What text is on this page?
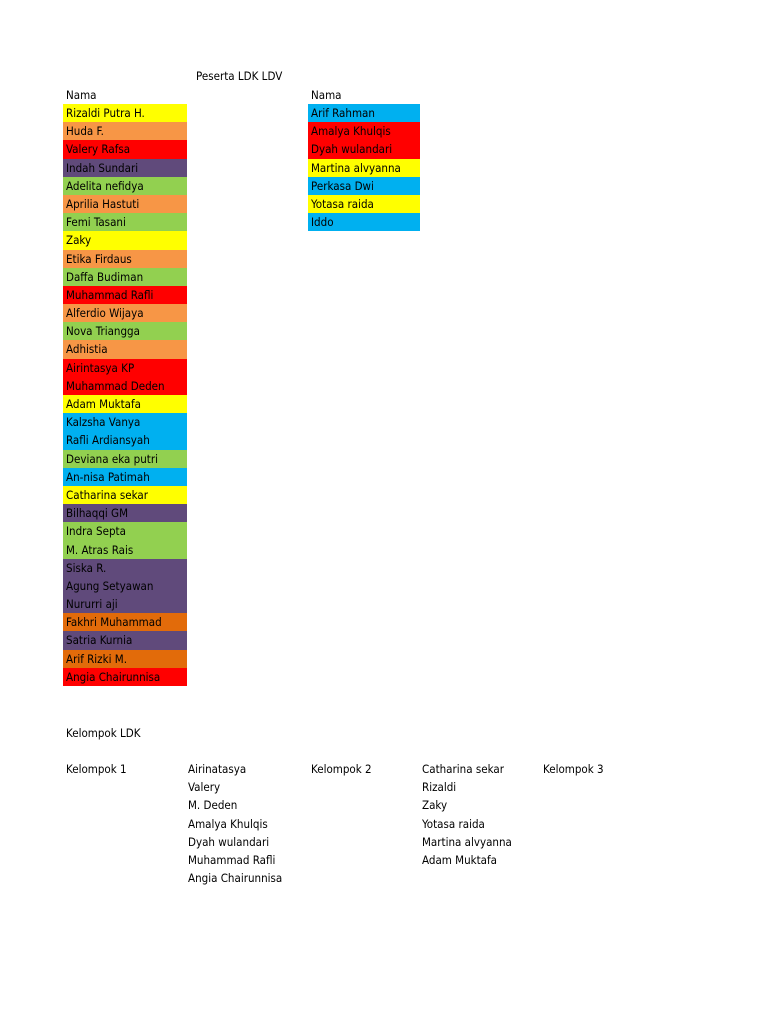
Peserta LDK LDV
Nama
Rizaldi Putra H.
Huda F.
Valery Rafsa
Indah Sundari
Adelita nefidya
Aprilia Hastuti
Femi Tasani
Zaky
Etika Firdaus
Daffa Budiman
Muhammad Rafli
Alferdio Wijaya
Nova Triangga
Adhistia
Airintasya KP
Muhammad Deden
Adam Muktafa
Kalzsha Vanya
Rafli Ardiansyah
Deviana eka putri
An-nisa Patimah
Catharina sekar
Bilhaqqi GM
Indra Septa
M. Atras Rais
Siska R.
Agung Setyawan
Nururri aji
Fakhri Muhammad
Satria Kurnia
Arif Rizki M.
Angia Chairunnisa
Nama
Arif Rahman
Amalya Khulqis
Dyah wulandari
Martina alvyanna
Perkasa Dwi
Yotasa raida
Iddo
Kelompok LDK
Kelompok 1	Airinatasya
Valery
M. Deden
Amalya Khulqis
Dyah wulandari
Muhammad Rafli
Angia Chairunnisa
Kelompok 2	Catharina sekar
Rizaldi
Zaky
Yotasa raida
Martina alvyanna
Adam Muktafa
Kelompok 3
